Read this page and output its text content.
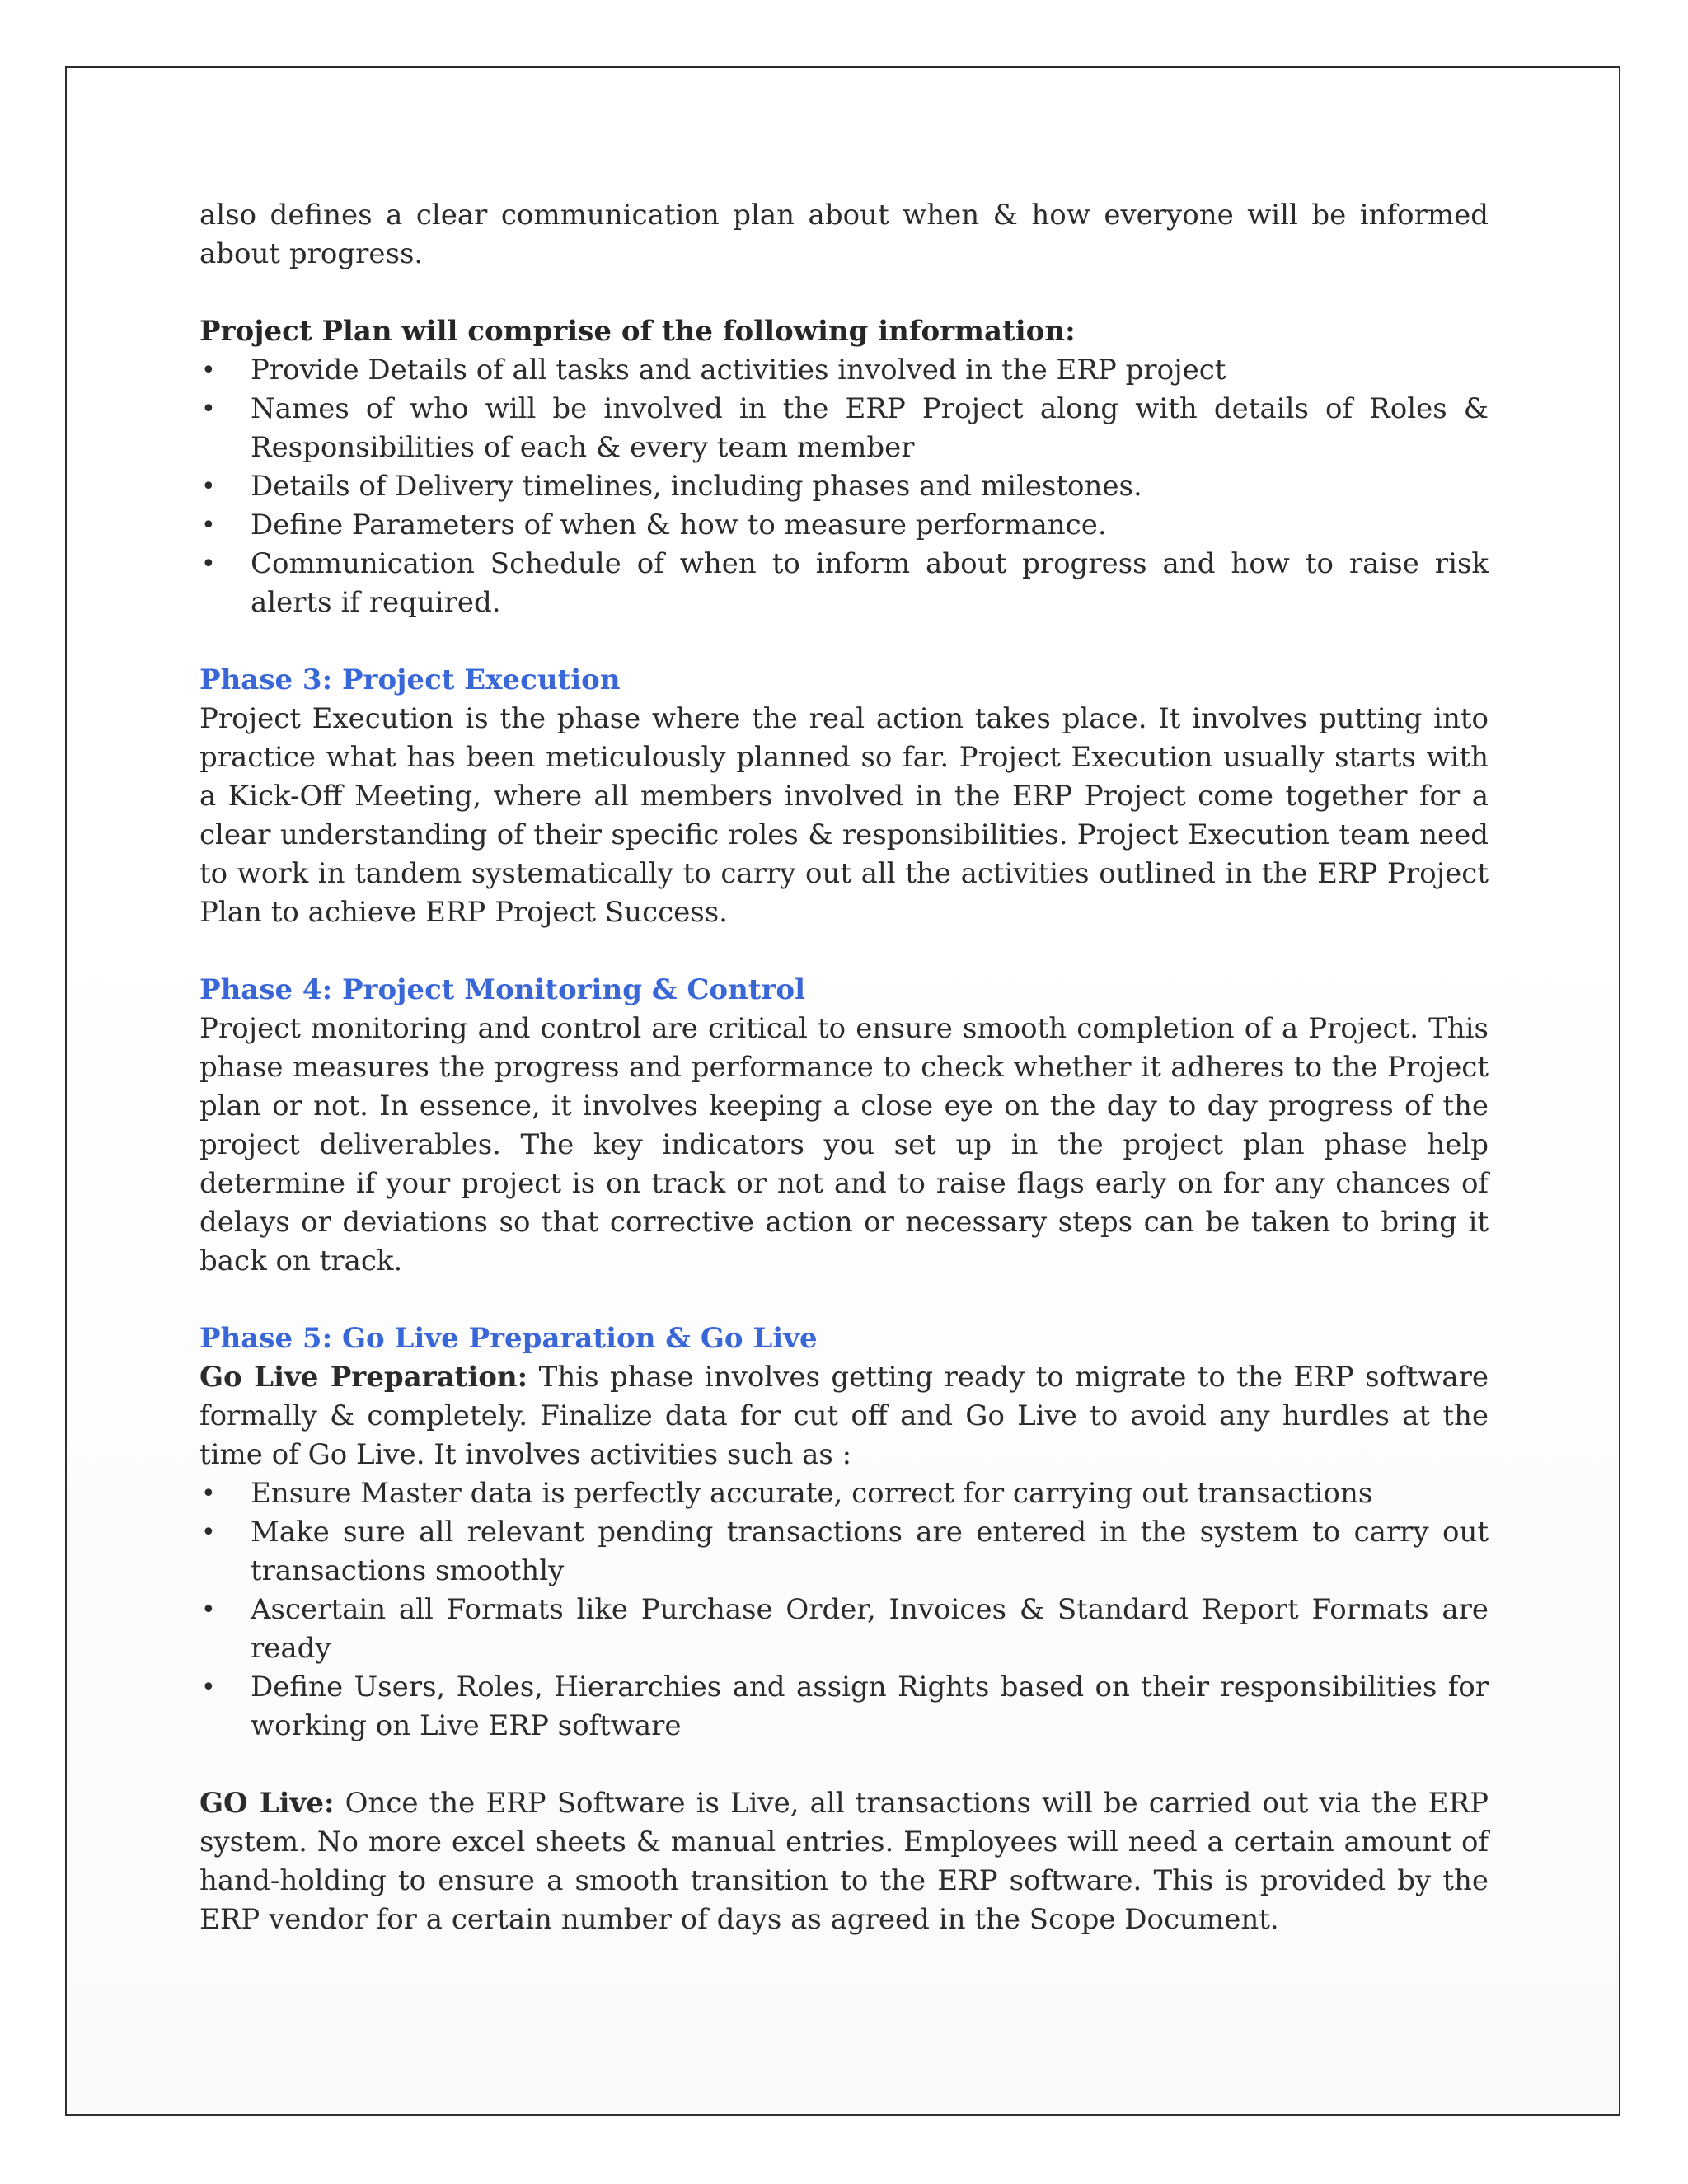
also defines a clear communication plan about when & how everyone will be informed about progress.

Project Plan will comprise of the following information:

• Provide Details of all tasks and activities involved in the ERP project
• Names of who will be involved in the ERP Project along with details of Roles & Responsibilities of each & every team member
• Details of Delivery timelines, including phases and milestones.
• Define Parameters of when & how to measure performance.
• Communication Schedule of when to inform about progress and how to raise risk alerts if required.

Phase 3: Project Execution

Project Execution is the phase where the real action takes place. It involves putting into practice what has been meticulously planned so far. Project Execution usually starts with a Kick-Off Meeting, where all members involved in the ERP Project come together for a clear understanding of their specific roles & responsibilities. Project Execution team need to work in tandem systematically to carry out all the activities outlined in the ERP Project Plan to achieve ERP Project Success.

Phase 4: Project Monitoring & Control

Project monitoring and control are critical to ensure smooth completion of a Project. This phase measures the progress and performance to check whether it adheres to the Project plan or not. In essence, it involves keeping a close eye on the day to day progress of the project deliverables. The key indicators you set up in the project plan phase help determine if your project is on track or not and to raise flags early on for any chances of delays or deviations so that corrective action or necessary steps can be taken to bring it back on track.

Phase 5: Go Live Preparation & Go Live

Go Live Preparation: This phase involves getting ready to migrate to the ERP software formally & completely. Finalize data for cut off and Go Live to avoid any hurdles at the time of Go Live. It involves activities such as :

• Ensure Master data is perfectly accurate, correct for carrying out transactions
• Make sure all relevant pending transactions are entered in the system to carry out transactions smoothly
• Ascertain all Formats like Purchase Order, Invoices & Standard Report Formats are ready
• Define Users, Roles, Hierarchies and assign Rights based on their responsibilities for working on Live ERP software

GO Live: Once the ERP Software is Live, all transactions will be carried out via the ERP system. No more excel sheets & manual entries. Employees will need a certain amount of hand-holding to ensure a smooth transition to the ERP software. This is provided by the ERP vendor for a certain number of days as agreed in the Scope Document.
